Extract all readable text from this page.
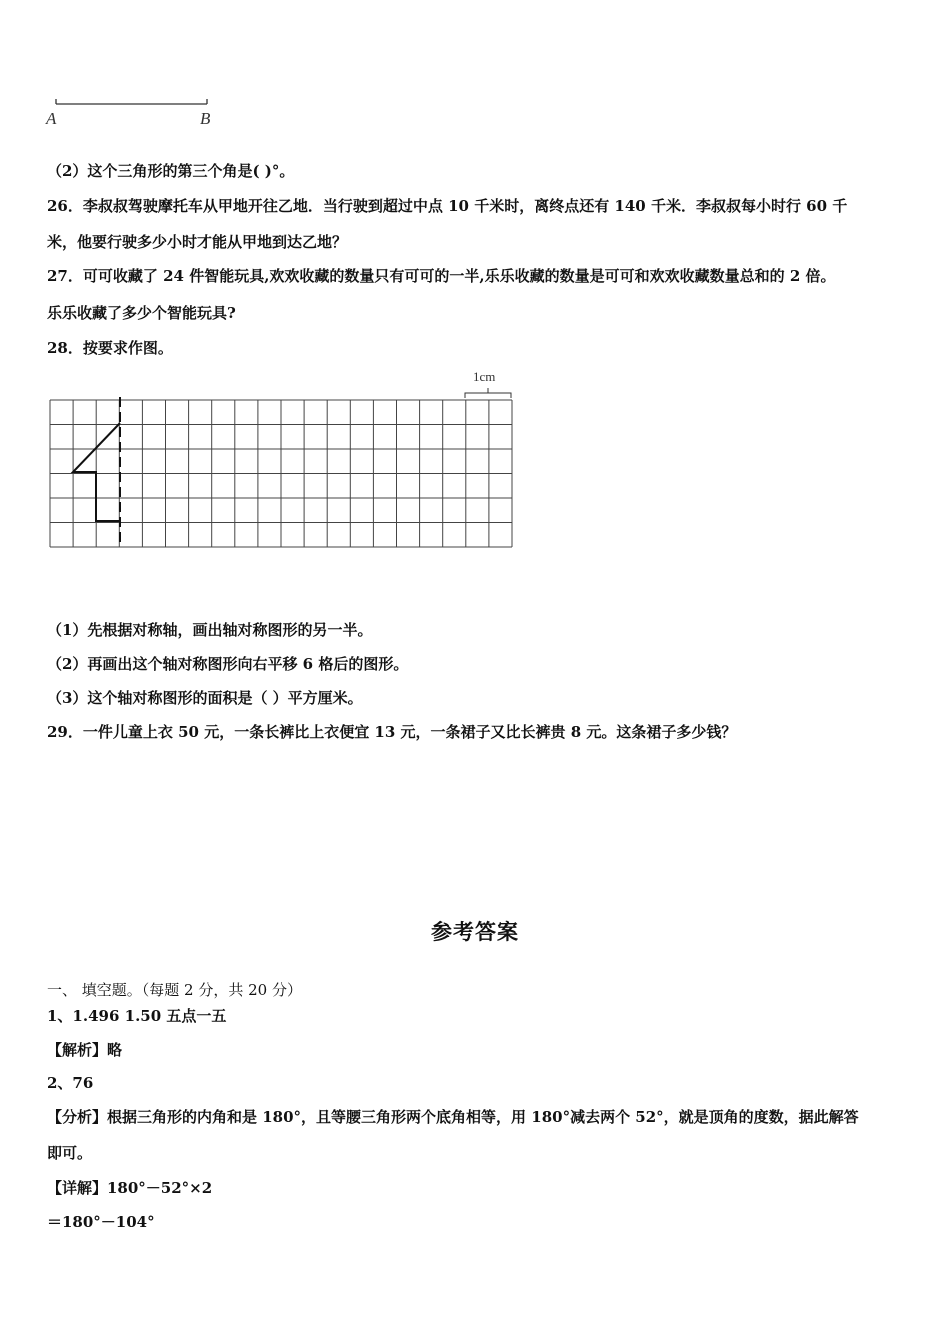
A	B
（2）这个三角形的第三个角是( )°。
26．李叔叔驾驶摩托车从甲地开往乙地．当行驶到超过中点 10 千米时，离终点还有 140 千米．李叔叔每小时行 60 千
米，他要行驶多少小时才能从甲地到达乙地？
27．可可收藏了 24 件智能玩具,欢欢收藏的数量只有可可的一半,乐乐收藏的数量是可可和欢欢收藏数量总和的 2 倍。
乐乐收藏了多少个智能玩具?
28．按要求作图。
1cm
（1）先根据对称轴，画出轴对称图形的另一半。
（2）再画出这个轴对称图形向右平移 6 格后的图形。
（3）这个轴对称图形的面积是（ ）平方厘米。
29．一件儿童上衣 50 元，一条长裤比上衣便宜 13 元，一条裙子又比长裤贵 8 元。这条裙子多少钱？
参考答案
一、 填空题。（每题 2 分，共 20 分）
1、1.496 1.50 五点一五
【解析】略
2、76
【分析】根据三角形的内角和是 180°，且等腰三角形两个底角相等，用 180°减去两个 52°，就是顶角的度数，据此解答
即可。
【详解】180°－52°×2
＝180°－104°
